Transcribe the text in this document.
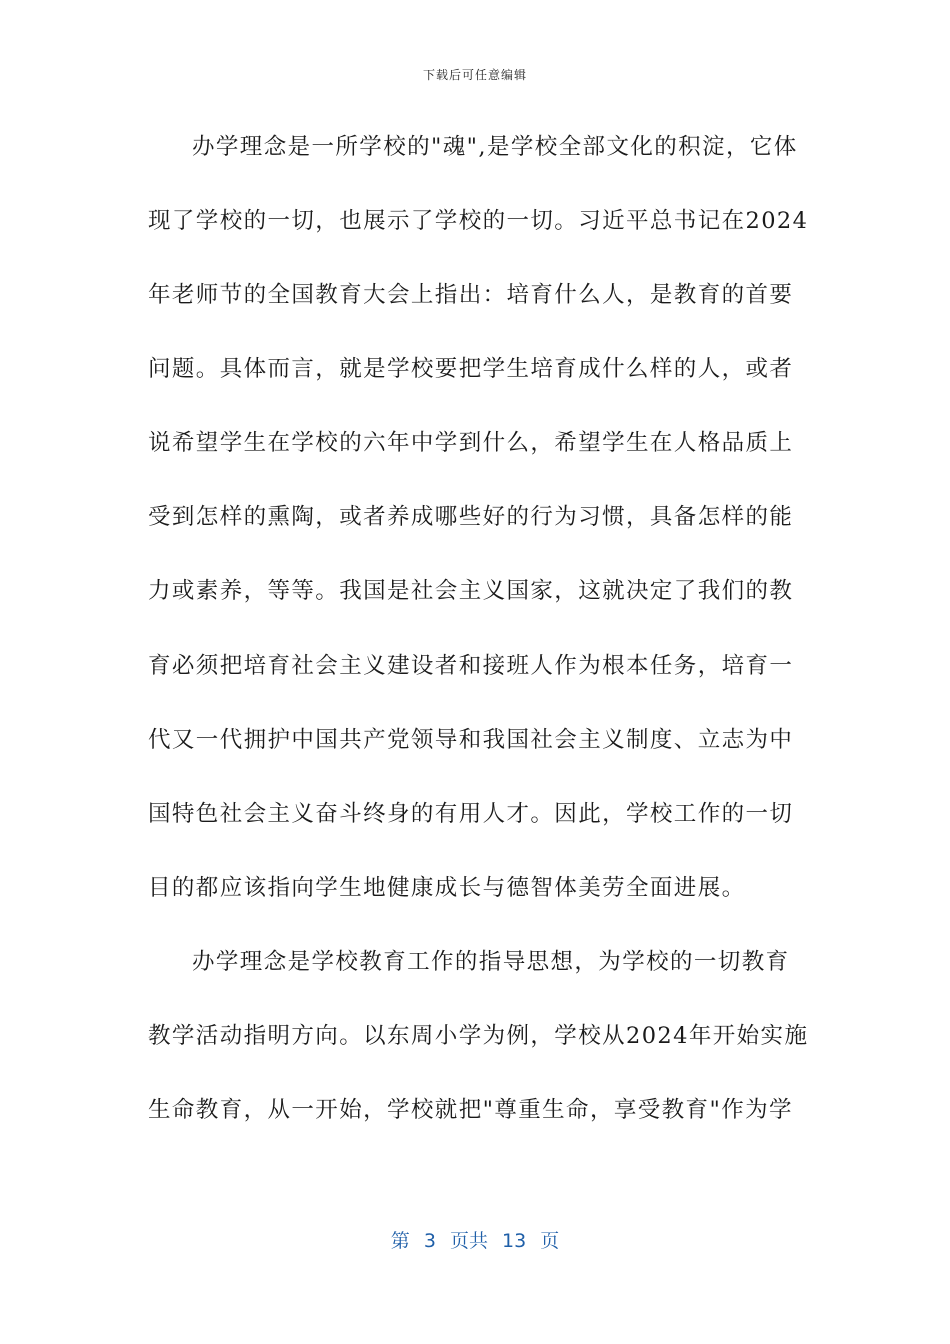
下载后可任意编辑
办学理念是一所学校的"魂",是学校全部文化的积淀，它体
现了学校的一切，也展示了学校的一切。习近平总书记在2024
年老师节的全国教育大会上指出：培育什么人，是教育的首要
问题。具体而言，就是学校要把学生培育成什么样的人，或者
说希望学生在学校的六年中学到什么，希望学生在人格品质上
受到怎样的熏陶，或者养成哪些好的行为习惯，具备怎样的能
力或素养，等等。我国是社会主义国家，这就决定了我们的教
育必须把培育社会主义建设者和接班人作为根本任务，培育一
代又一代拥护中国共产党领导和我国社会主义制度、立志为中
国特色社会主义奋斗终身的有用人才。因此，学校工作的一切
目的都应该指向学生地健康成长与德智体美劳全面进展。
办学理念是学校教育工作的指导思想，为学校的一切教育
教学活动指明方向。以东周小学为例，学校从2024年开始实施
生命教育，从一开始，学校就把"尊重生命，享受教育"作为学
第 3 页共 13 页
